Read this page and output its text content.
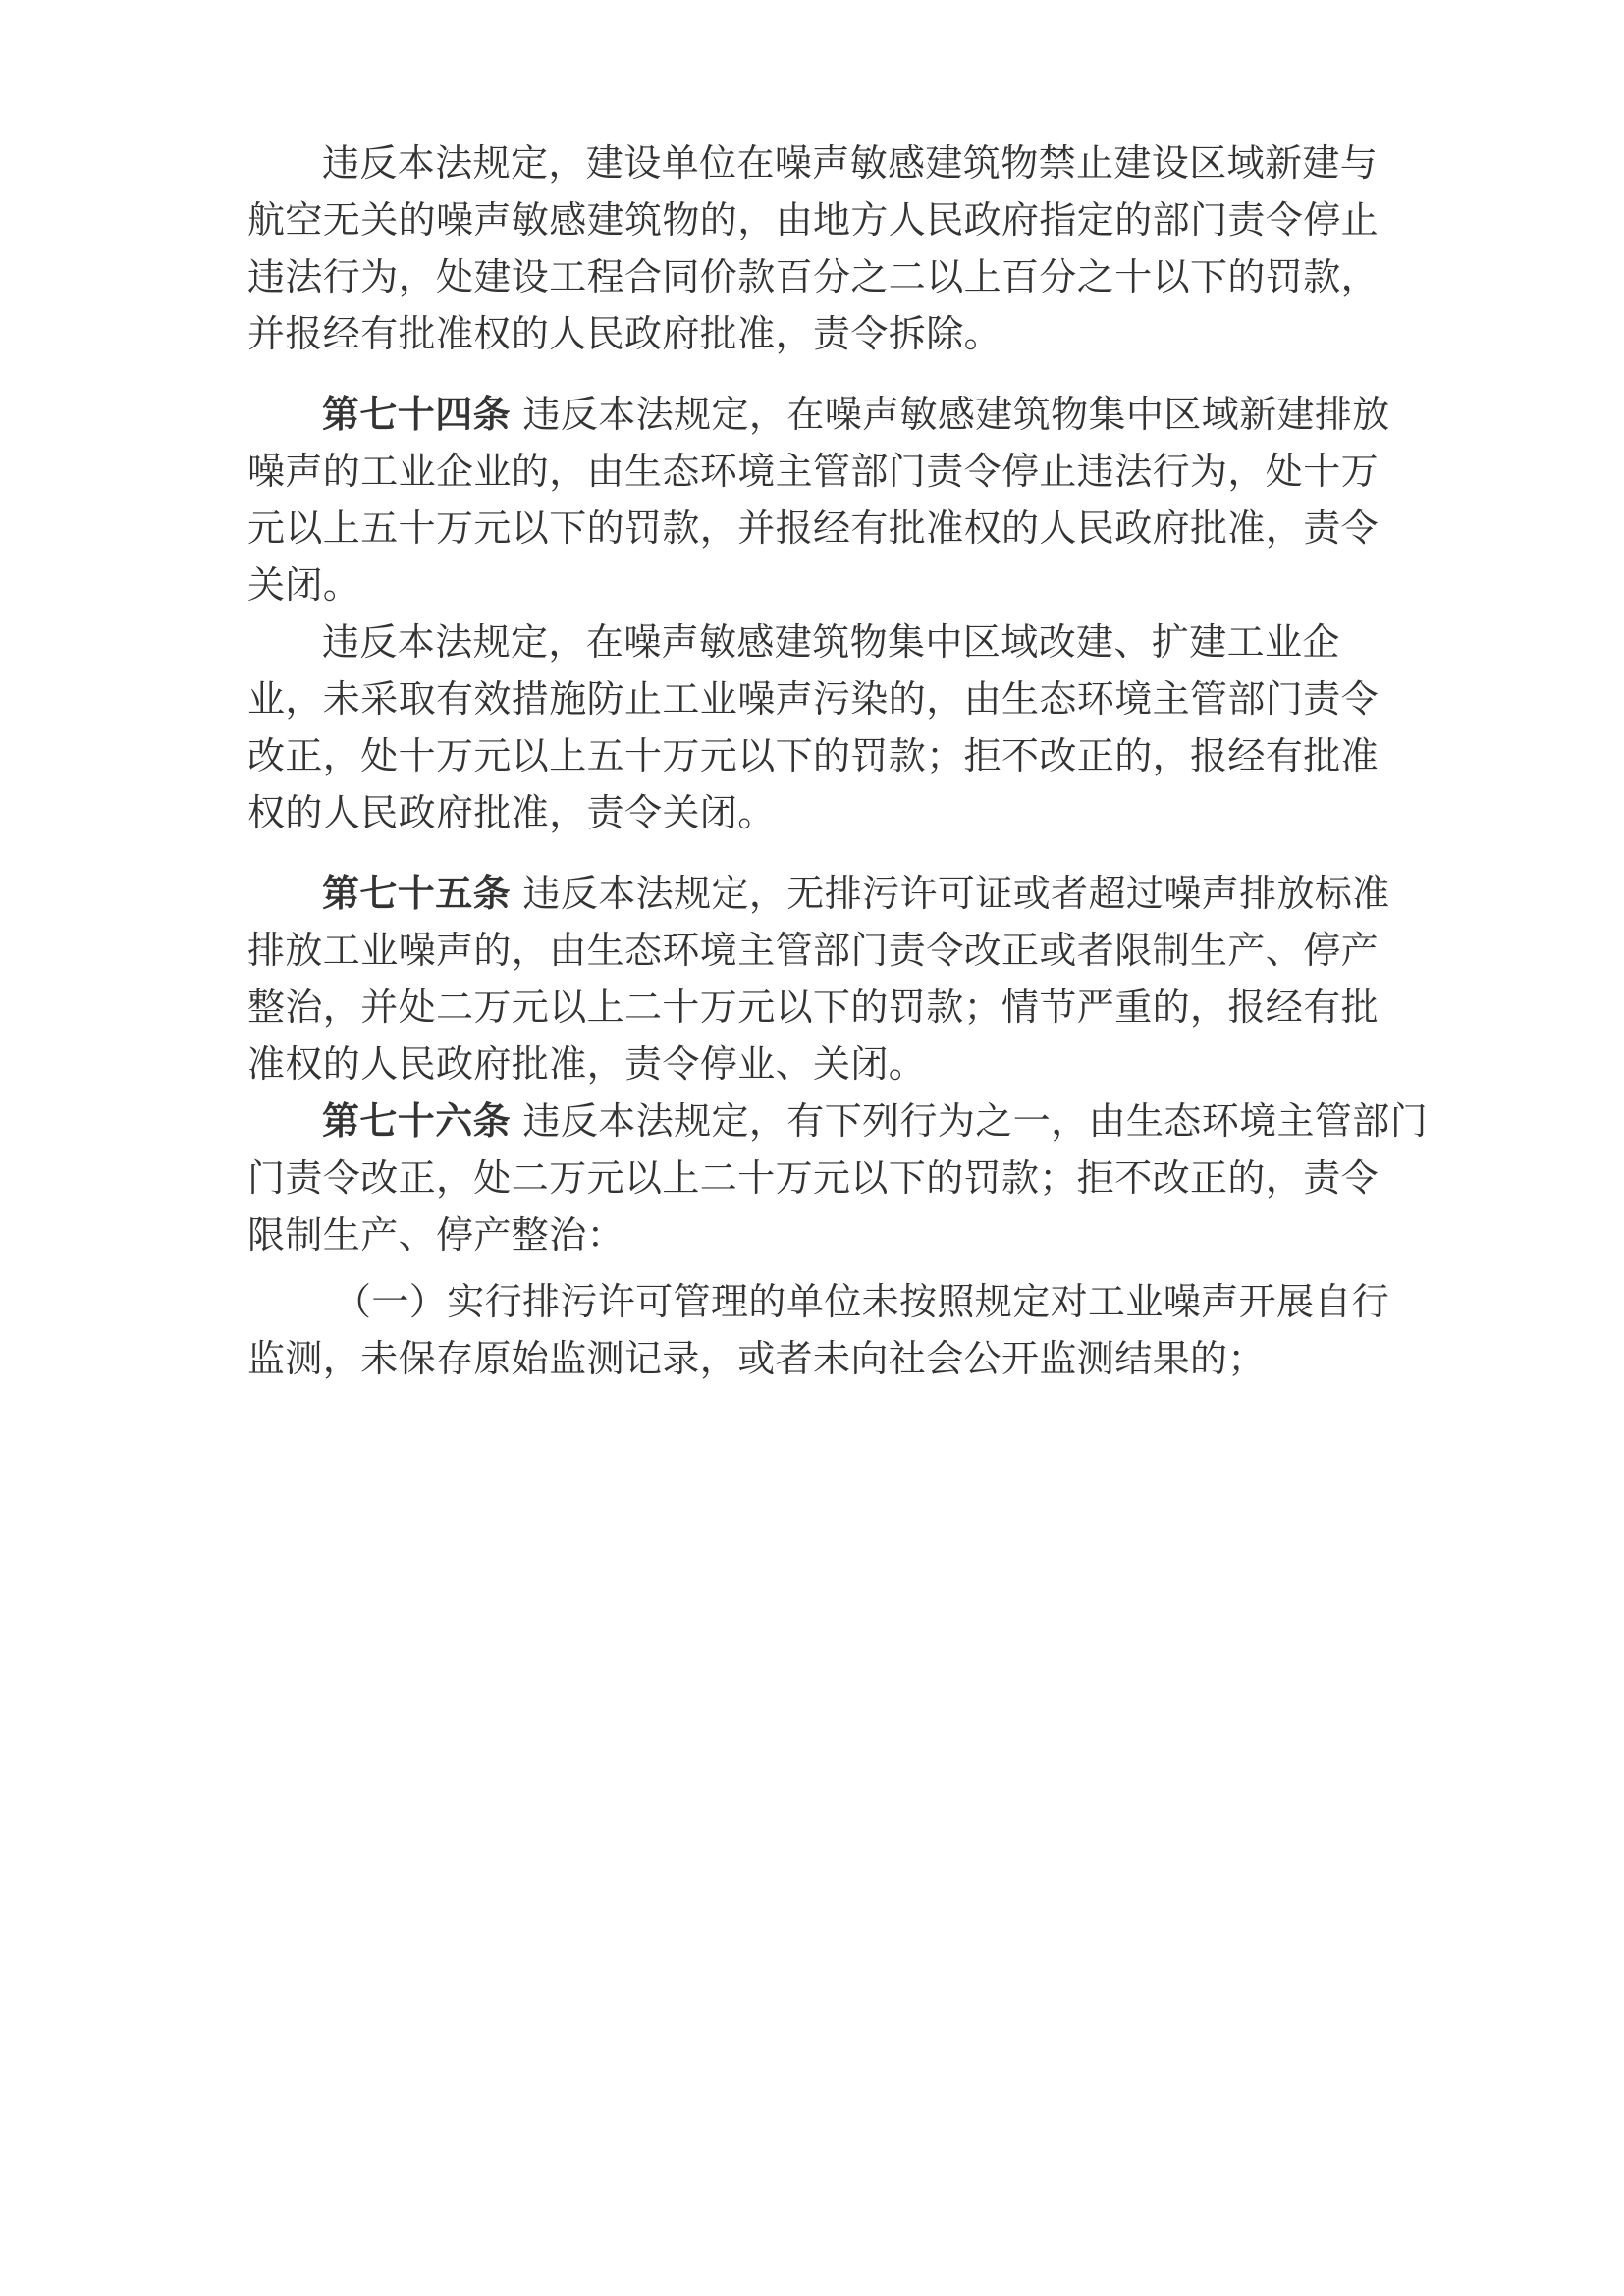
违反本法规定，建设单位在噪声敏感建筑物禁止建设区域新建与
航空无关的噪声敏感建筑物的，由地方人民政府指定的部门责令停止
违法行为，处建设工程合同价款百分之二以上百分之十以下的罚款，
并报经有批准权的人民政府批准，责令拆除。
第七十四条 违反本法规定，在噪声敏感建筑物集中区域新建排放
噪声的工业企业的，由生态环境主管部门责令停止违法行为，处十万
元以上五十万元以下的罚款，并报经有批准权的人民政府批准，责令
关闭。
违反本法规定，在噪声敏感建筑物集中区域改建、扩建工业企
业，未采取有效措施防止工业噪声污染的，由生态环境主管部门责令
改正，处十万元以上五十万元以下的罚款；拒不改正的，报经有批准
权的人民政府批准，责令关闭。
第七十五条 违反本法规定，无排污许可证或者超过噪声排放标准
排放工业噪声的，由生态环境主管部门责令改正或者限制生产、停产
整治，并处二万元以上二十万元以下的罚款；情节严重的，报经有批
准权的人民政府批准，责令停业、关闭。
第七十六条 违反本法规定，有下列行为之一，由生态环境主管部门
门责令改正，处二万元以上二十万元以下的罚款；拒不改正的，责令
限制生产、停产整治：
（一）实行排污许可管理的单位未按照规定对工业噪声开展自行
监测，未保存原始监测记录，或者未向社会公开监测结果的；
